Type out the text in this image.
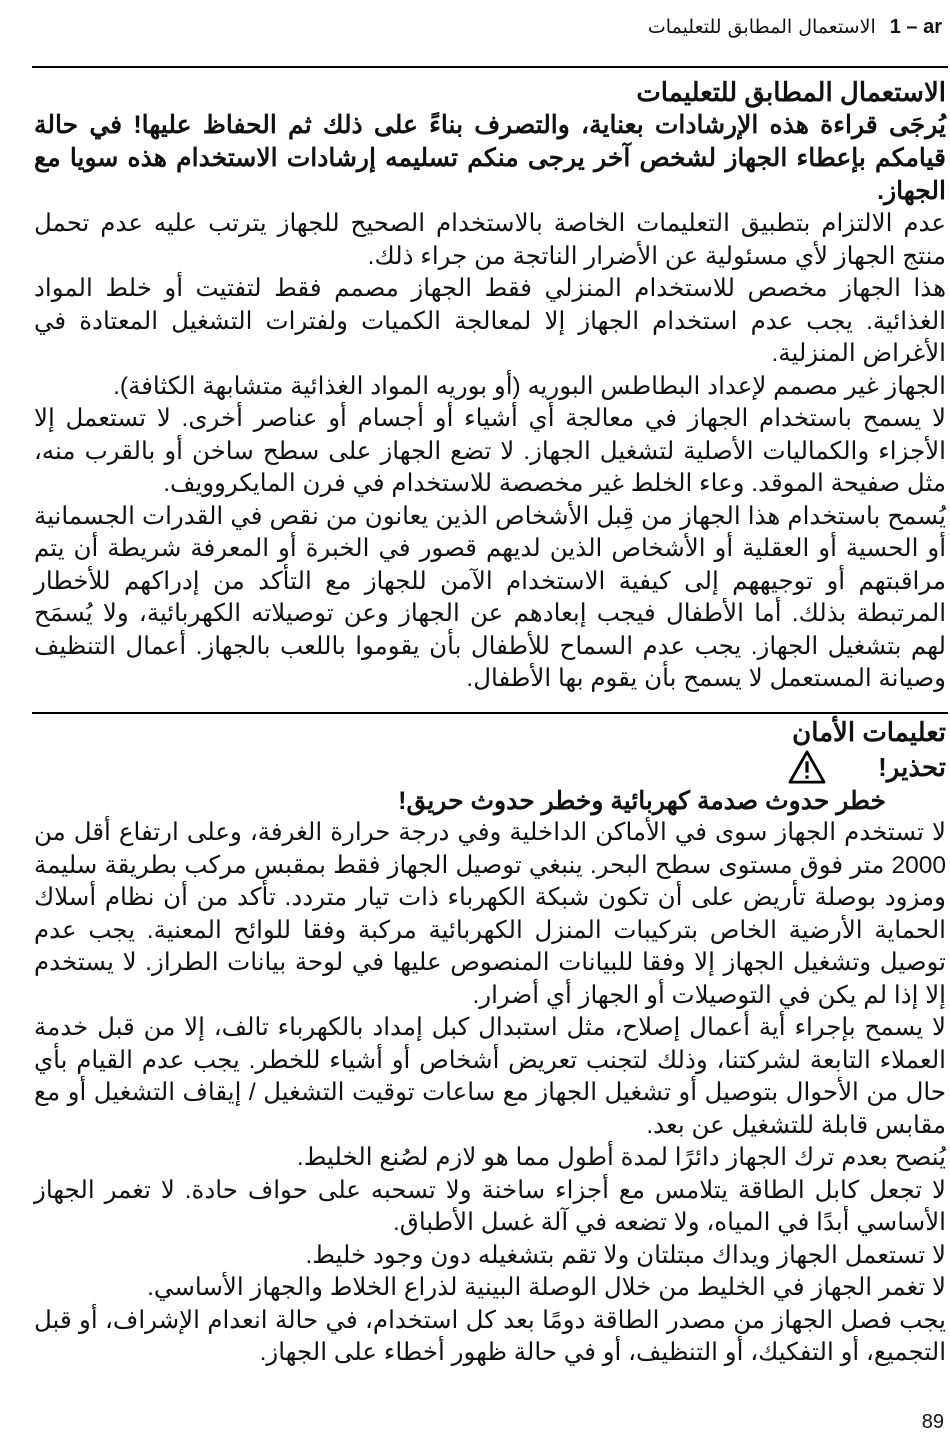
الاستعمال المطابق للتعليمات 1 – ar
الاستعمال المطابق للتعليمات

يُرجَى قراءة هذه الإرشادات بعناية، والتصرف بناءً على ذلك ثم الحفاظ عليها! في حالة قيامكم بإعطاء الجهاز لشخص آخر يرجى منكم تسليمه إرشادات الاستخدام هذه سويا مع الجهاز.

عدم الالتزام بتطبيق التعليمات الخاصة بالاستخدام الصحيح للجهاز يترتب عليه عدم تحمل منتج الجهاز لأي مسئولية عن الأضرار الناتجة من جراء ذلك.

هذا الجهاز مخصص للاستخدام المنزلي فقط الجهاز مصمم فقط لتفتيت أو خلط المواد الغذائية. يجب عدم استخدام الجهاز إلا لمعالجة الكميات ولفترات التشغيل المعتادة في الأغراض المنزلية.

الجهاز غير مصمم لإعداد البطاطس البوريه (أو بوريه المواد الغذائية متشابهة الكثافة).

لا يسمح باستخدام الجهاز في معالجة أي أشياء أو أجسام أو عناصر أخرى. لا تستعمل إلا الأجزاء والكماليات الأصلية لتشغيل الجهاز. لا تضع الجهاز على سطح ساخن أو بالقرب منه، مثل صفيحة الموقد. وعاء الخلط غير مخصصة للاستخدام في فرن المايكروويف.

يُسمح باستخدام هذا الجهاز من قِبل الأشخاص الذين يعانون من نقص في القدرات الجسمانية أو الحسية أو العقلية أو الأشخاص الذين لديهم قصور في الخبرة أو المعرفة شريطة أن يتم مراقبتهم أو توجيههم إلى كيفية الاستخدام الآمن للجهاز مع التأكد من إدراكهم للأخطار المرتبطة بذلك. أما الأطفال فيجب إبعادهم عن الجهاز وعن توصيلاته الكهربائية، ولا يُسمَح لهم بتشغيل الجهاز. يجب عدم السماح للأطفال بأن يقوموا باللعب بالجهاز. أعمال التنظيف وصيانة المستعمل لا يسمح بأن يقوم بها الأطفال.

تعليمات الأمان
تحذير!

خطر حدوث صدمة كهربائية وخطر حدوث حريق!

لا تستخدم الجهاز سوى في الأماكن الداخلية وفي درجة حرارة الغرفة، وعلى ارتفاع أقل من 2000 متر فوق مستوى سطح البحر. ينبغي توصيل الجهاز فقط بمقبس مركب بطريقة سليمة ومزود بوصلة تأريض على أن تكون شبكة الكهرباء ذات تيار متردد. تأكد من أن نظام أسلاك الحماية الأرضية الخاص بتركيبات المنزل الكهربائية مركبة وفقا للوائح المعنية. يجب عدم توصيل وتشغيل الجهاز إلا وفقا للبيانات المنصوص عليها في لوحة بيانات الطراز. لا يستخدم إلا إذا لم يكن في التوصيلات أو الجهاز أي أضرار.

لا يسمح بإجراء أية أعمال إصلاح، مثل استبدال كبل إمداد بالكهرباء تالف، إلا من قبل خدمة العملاء التابعة لشركتنا، وذلك لتجنب تعريض أشخاص أو أشياء للخطر. يجب عدم القيام بأي حال من الأحوال بتوصيل أو تشغيل الجهاز مع ساعات توقيت التشغيل / إيقاف التشغيل أو مع مقابس قابلة للتشغيل عن بعد.

يُنصح بعدم ترك الجهاز دائرًا لمدة أطول مما هو لازم لصُنع الخليط.

لا تجعل كابل الطاقة يتلامس مع أجزاء ساخنة ولا تسحبه على حواف حادة. لا تغمر الجهاز الأساسي أبدًا في المياه، ولا تضعه في آلة غسل الأطباق.

لا تستعمل الجهاز ويداك مبتلتان ولا تقم بتشغيله دون وجود خليط.

لا تغمر الجهاز في الخليط من خلال الوصلة البينية لذراع الخلاط والجهاز الأساسي.

يجب فصل الجهاز من مصدر الطاقة دومًا بعد كل استخدام، في حالة انعدام الإشراف، أو قبل التجميع، أو التفكيك، أو التنظيف، أو في حالة ظهور أخطاء على الجهاز.

89
